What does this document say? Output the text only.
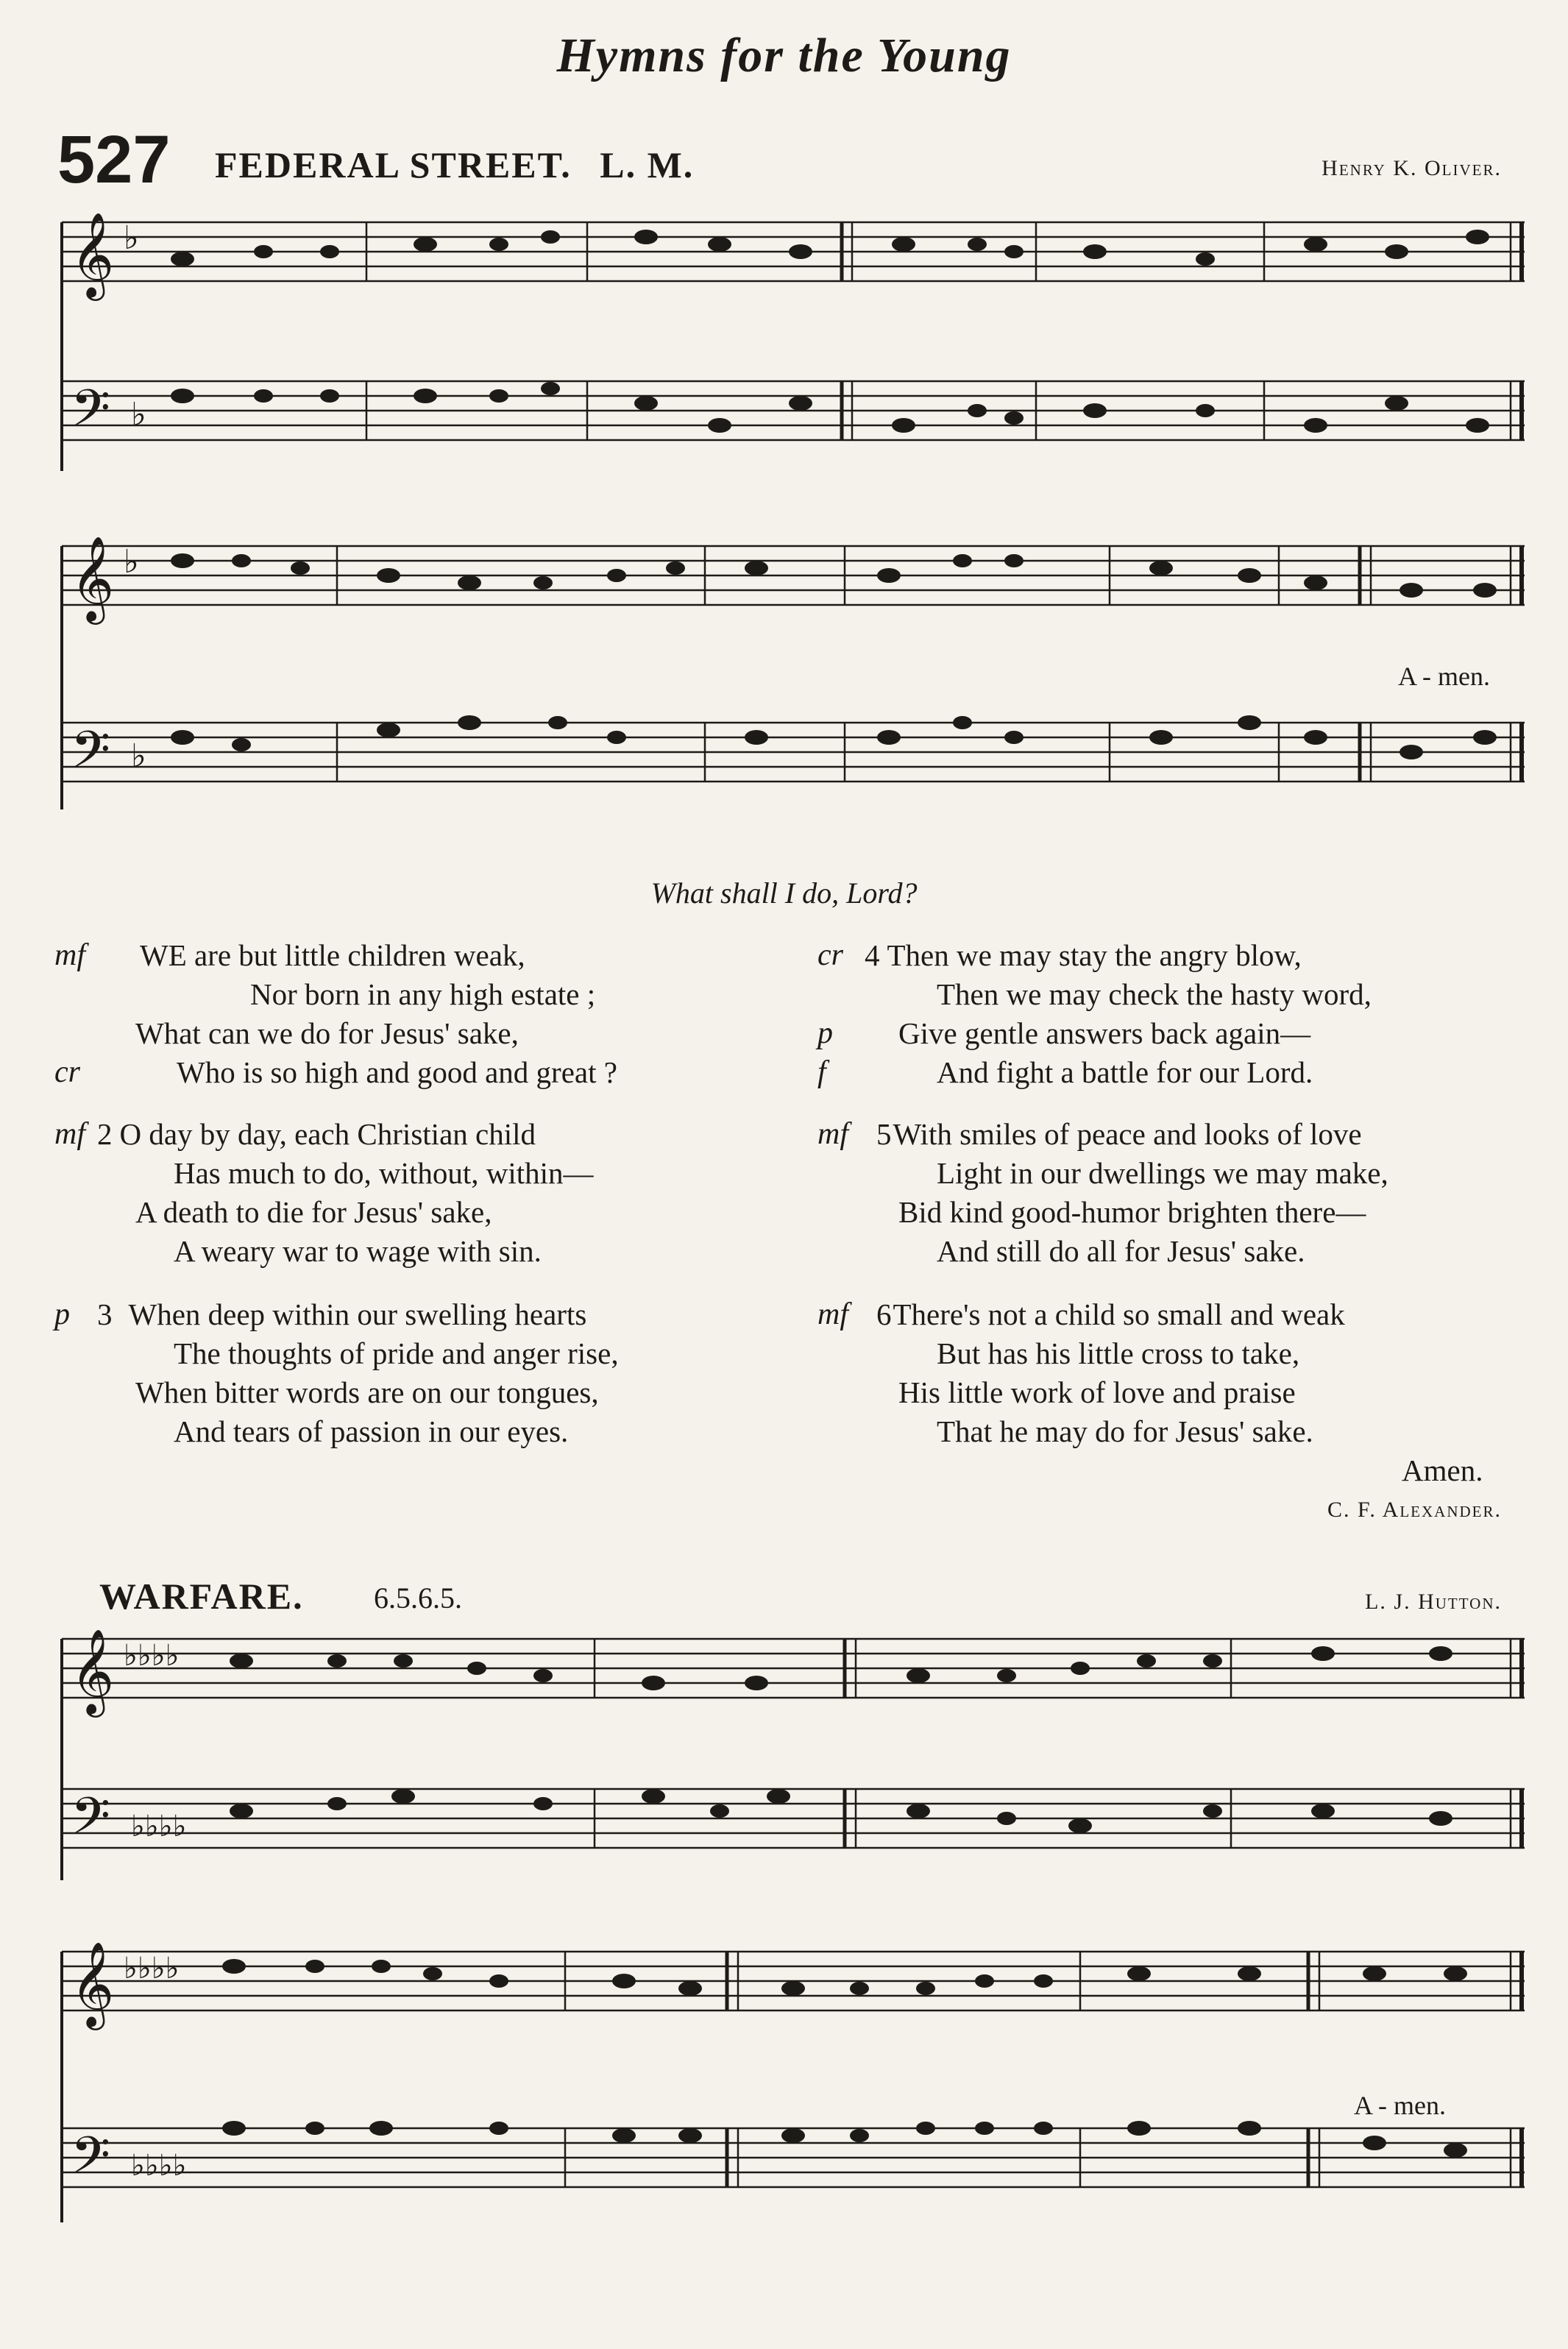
Hymns for the Young
527 FEDERAL STREET. L. M.	Henry K. Oliver.
𝄞 ♭
𝄢 ♭
𝄞 ♭
𝄢 ♭
A - men.
What shall I do, Lord?
mf
cr
WE are but little children weak,
Nor born in any high estate ;
What can we do for Jesus' sake,
Who is so high and good and great ?
mf 2 O day by day, each Christian child
Has much to do, without, within—
A death to die for Jesus' sake,
A weary war to wage with sin.
p 3 When deep within our swelling hearts
The thoughts of pride and anger rise,
When bitter words are on our tongues,
And tears of passion in our eyes.
cr
p
f
4 Then we may stay the angry blow,
Then we may check the hasty word,
Give gentle answers back again—
And fight a battle for our Lord.
mf 5With smiles of peace and looks of love
Light in our dwellings we may make,
Bid kind good-humor brighten there—
And still do all for Jesus' sake.
mf 6There's not a child so small and weak
But has his little cross to take,
His little work of love and praise
That he may do for Jesus' sake.
Amen.
C. F. Alexander.
WARFARE. 6.5.6.5.	L. J. Hutton.
𝄞 ♭♭♭♭
𝄢 ♭♭♭♭
𝄞 ♭♭♭♭
𝄢 ♭♭♭♭
A - men.
